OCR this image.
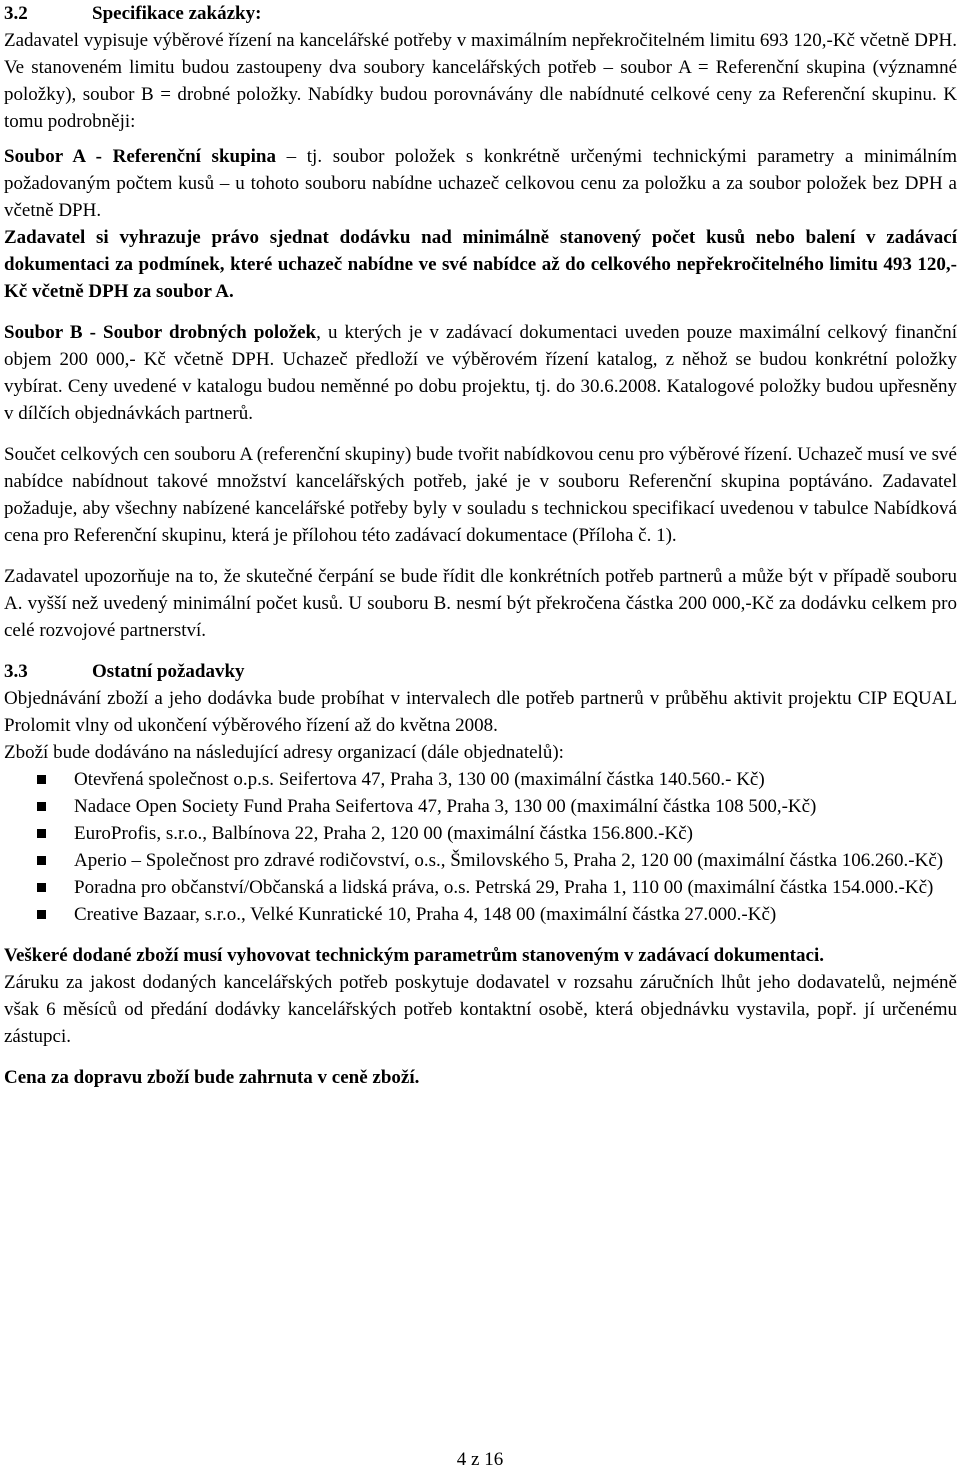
3.2	Specifikace zakázky:

Zadavatel vypisuje výběrové řízení na kancelářské potřeby v maximálním nepřekročitelném limitu 693 120,-Kč včetně DPH. Ve stanoveném limitu budou zastoupeny dva soubory kancelářských potřeb – soubor A = Referenční skupina (významné položky), soubor B = drobné položky. Nabídky budou porovnávány dle nabídnuté celkové ceny za Referenční skupinu. K tomu podrobněji:

Soubor A - Referenční skupina – tj. soubor položek s konkrétně určenými technickými parametry a minimálním požadovaným počtem kusů – u tohoto souboru nabídne uchazeč celkovou cenu za položku a za soubor položek bez DPH a včetně DPH.

Zadavatel si vyhrazuje právo sjednat dodávku nad minimálně stanovený počet kusů nebo balení v zadávací dokumentaci za podmínek, které uchazeč nabídne ve své nabídce až do celkového nepřekročitelného limitu 493 120,-Kč včetně DPH za soubor A.

Soubor B - Soubor drobných položek, u kterých je v zadávací dokumentaci uveden pouze maximální celkový finanční objem 200 000,- Kč včetně DPH. Uchazeč předloží ve výběrovém řízení katalog, z něhož se budou konkrétní položky vybírat. Ceny uvedené v katalogu budou neměnné po dobu projektu, tj. do 30.6.2008. Katalogové položky budou upřesněny v dílčích objednávkách partnerů.

Součet celkových cen souboru A (referenční skupiny) bude tvořit nabídkovou cenu pro výběrové řízení. Uchazeč musí ve své nabídce nabídnout takové množství kancelářských potřeb, jaké je v souboru Referenční skupina poptáváno. Zadavatel požaduje, aby všechny nabízené kancelářské potřeby byly v souladu s technickou specifikací uvedenou v tabulce Nabídková cena pro Referenční skupinu, která je přílohou této zadávací dokumentace (Příloha č. 1).

Zadavatel upozorňuje na to, že skutečné čerpání se bude řídit dle konkrétních potřeb partnerů a může být v případě souboru A. vyšší než uvedený minimální počet kusů. U souboru B. nesmí být překročena částka 200 000,-Kč za dodávku celkem pro celé rozvojové partnerství.

3.3	Ostatní požadavky

Objednávání zboží a jeho dodávka bude probíhat v intervalech dle potřeb partnerů v průběhu aktivit projektu CIP EQUAL Prolomit vlny od ukončení výběrového řízení až do května 2008.

Zboží bude dodáváno na následující adresy organizací (dále objednatelů):

Otevřená společnost o.p.s. Seifertova 47, Praha 3, 130 00 (maximální částka 140.560.- Kč)
Nadace Open Society Fund Praha Seifertova 47, Praha 3, 130 00 (maximální částka 108 500,-Kč)
EuroProfis, s.r.o., Balbínova 22, Praha 2, 120 00 (maximální částka 156.800.-Kč)
Aperio – Společnost pro zdravé rodičovství, o.s., Šmilovského 5, Praha 2, 120 00 (maximální částka 106.260.-Kč)
Poradna pro občanství/Občanská a lidská práva, o.s. Petrská 29, Praha 1, 110 00 (maximální částka 154.000.-Kč)
Creative Bazaar, s.r.o., Velké Kunratické 10, Praha 4, 148 00 (maximální částka 27.000.-Kč)

Veškeré dodané zboží musí vyhovovat technickým parametrům stanoveným v zadávací dokumentaci.

Záruku za jakost dodaných kancelářských potřeb poskytuje dodavatel v rozsahu záručních lhůt jeho dodavatelů, nejméně však 6 měsíců od předání dodávky kancelářských potřeb kontaktní osobě, která objednávku vystavila, popř. jí určenému zástupci.

Cena za dopravu zboží bude zahrnuta v ceně zboží.

4 z 16
